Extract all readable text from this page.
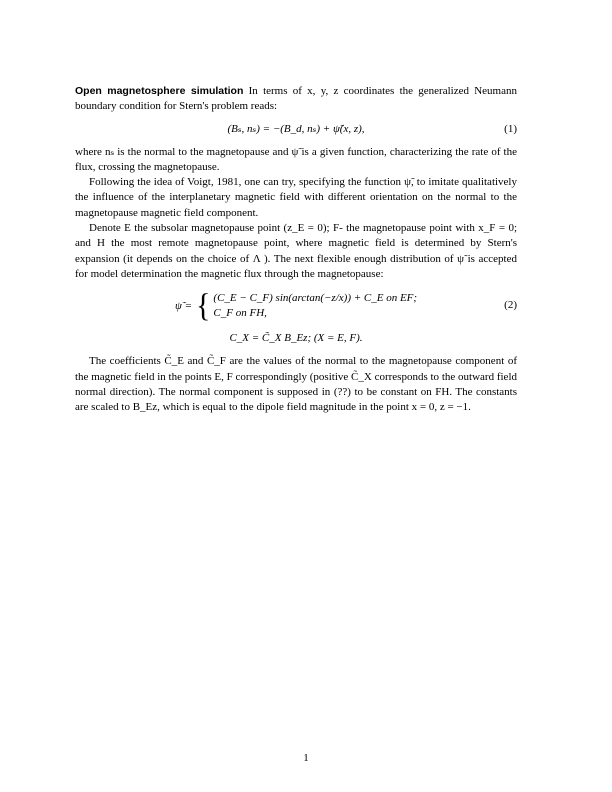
Open magnetosphere simulation In terms of x, y, z coordinates the generalized Neumann boundary condition for Stern's problem reads:

(Bₛ, nₛ) = −(B_d, nₛ) + ψ̃(x, z),	(1)

where nₛ is the normal to the magnetopause and ψ̃ is a given function, characterizing the rate of the flux, crossing the magnetopause.

Following the idea of Voigt, 1981, one can try, specifying the function ψ̃, to imitate qualitatively the influence of the interplanetary magnetic field with different orientation on the normal to the magnetopause magnetic field component.

Denote E the subsolar magnetopause point (z_E = 0); F- the magnetopause point with x_F = 0; and H the most remote magnetopause point, where magnetic field is determined by Stern's expansion (it depends on the choice of Λ ). The next flexible enough distribution of ψ̃ is accepted for model determination the magnetic flux through the magnetopause:

ψ̃ = { (C_E − C_F) sin(arctan(−z/x)) + C_E on EF;
C_F on FH,
(2)
C_X = C̃_X B_Ez; (X = E, F).

The coefficients C̃_E and C̃_F are the values of the normal to the magnetopause component of the magnetic field in the points E, F correspondingly (positive C̃_X corresponds to the outward field normal direction). The normal component is supposed in (??) to be constant on FH. The constants are scaled to B_Ez, which is equal to the dipole field magnitude in the point x = 0, z = −1.

1
